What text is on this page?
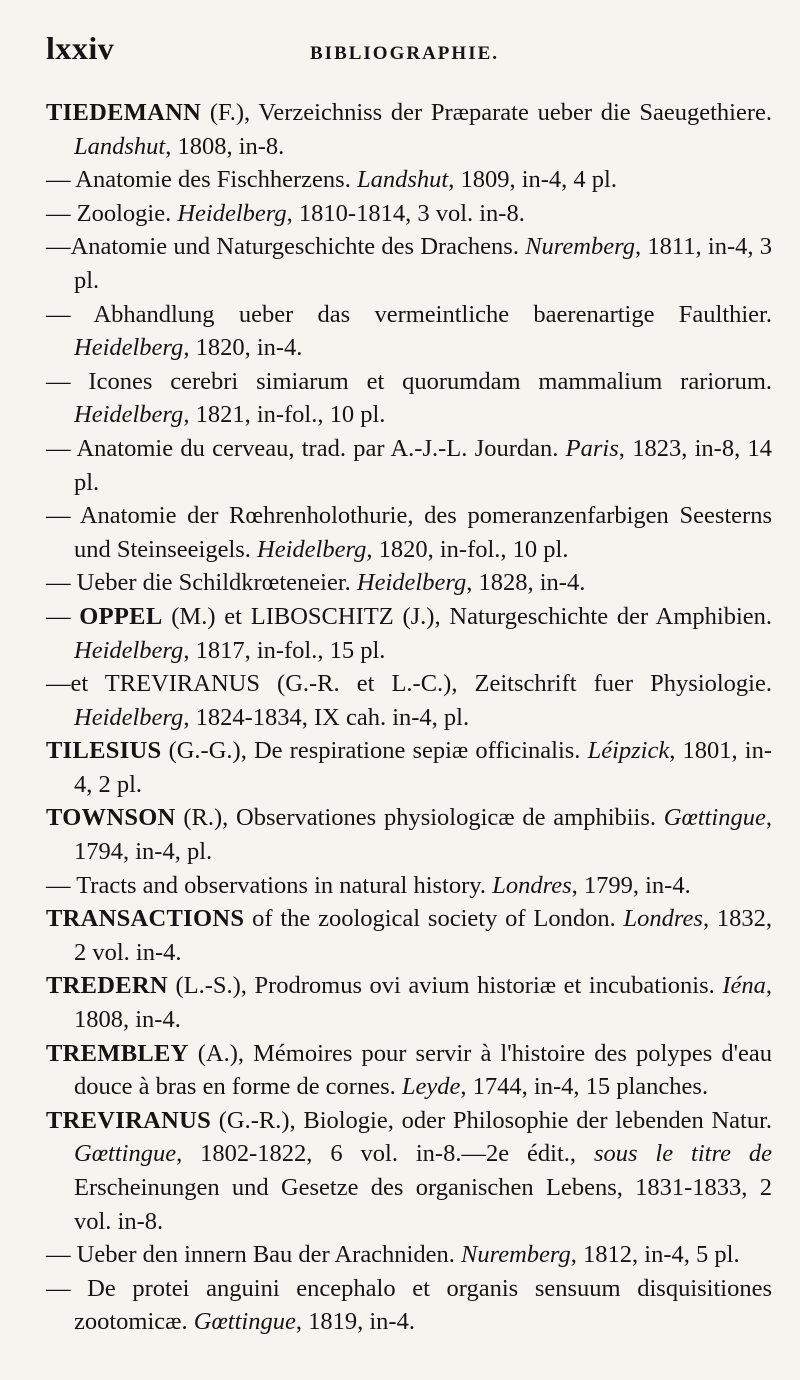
lxxiv	BIBLIOGRAPHIE.

TIEDEMANN (F.), Verzeichniss der Præparate ueber die Saeugethiere. Landshut, 1808, in-8.

— Anatomie des Fischherzens. Landshut, 1809, in-4, 4 pl.

— Zoologie. Heidelberg, 1810-1814, 3 vol. in-8.

—Anatomie und Naturgeschichte des Drachens. Nuremberg, 1811, in-4, 3 pl.

— Abhandlung ueber das vermeintliche baerenartige Faulthier. Heidelberg, 1820, in-4.

— Icones cerebri simiarum et quorumdam mammalium rariorum. Heidelberg, 1821, in-fol., 10 pl.

— Anatomie du cerveau, trad. par A.-J.-L. Jourdan. Paris, 1823, in-8, 14 pl.

— Anatomie der Rœhrenholothurie, des pomeranzenfarbigen Seesterns und Steinseeigels. Heidelberg, 1820, in-fol., 10 pl.

— Ueber die Schildkrœteneier. Heidelberg, 1828, in-4.

— OPPEL (M.) et LIBOSCHITZ (J.), Naturgeschichte der Amphibien. Heidelberg, 1817, in-fol., 15 pl.

—et TREVIRANUS (G.-R. et L.-C.), Zeitschrift fuer Physiologie. Heidelberg, 1824-1834, IX cah. in-4, pl.

TILESIUS (G.-G.), De respiratione sepiæ officinalis. Léipzick, 1801, in-4, 2 pl.

TOWNSON (R.), Observationes physiologicæ de amphibiis. Gœttingue, 1794, in-4, pl.

— Tracts and observations in natural history. Londres, 1799, in-4.

TRANSACTIONS of the zoological society of London. Londres, 1832, 2 vol. in-4.

TREDERN (L.-S.), Prodromus ovi avium historiæ et incubationis. Iéna, 1808, in-4.

TREMBLEY (A.), Mémoires pour servir à l'histoire des polypes d'eau douce à bras en forme de cornes. Leyde, 1744, in-4, 15 planches.

TREVIRANUS (G.-R.), Biologie, oder Philosophie der lebenden Natur. Gœttingue, 1802-1822, 6 vol. in-8.—2e édit., sous le titre de Erscheinungen und Gesetze des organischen Lebens, 1831-1833, 2 vol. in-8.

— Ueber den innern Bau der Arachniden. Nuremberg, 1812, in-4, 5 pl.

— De protei anguini encephalo et organis sensuum disquisitiones zootomicæ. Gœttingue, 1819, in-4.
